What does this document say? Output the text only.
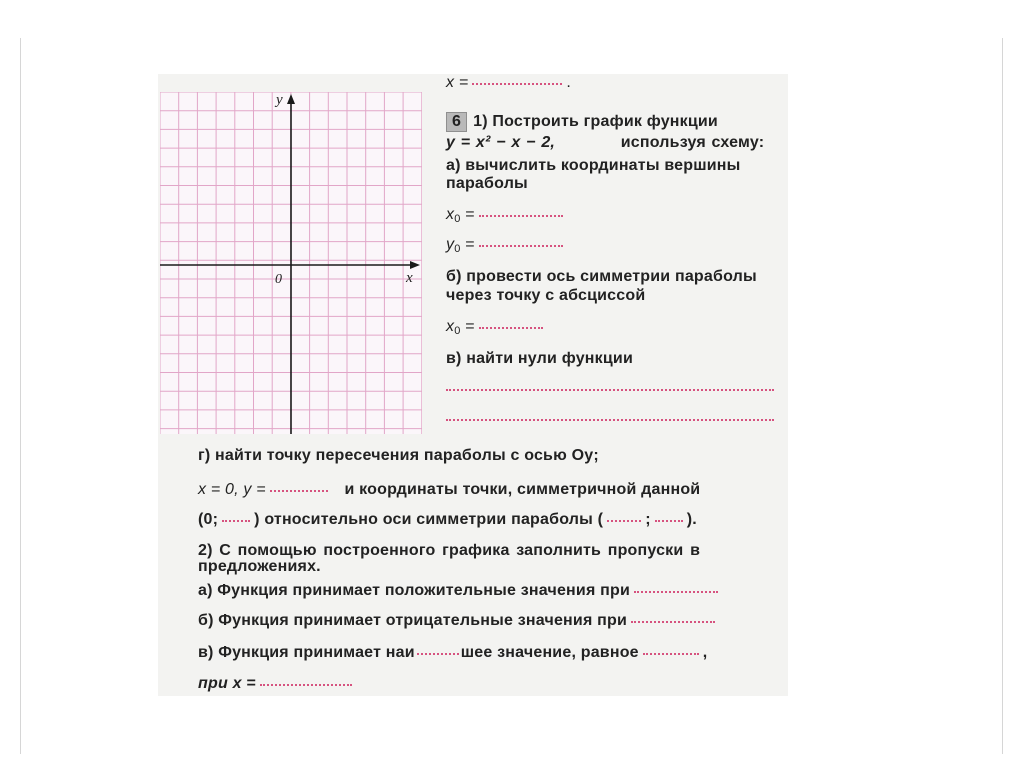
y
x
0
x =	.
6 1) Построить график функции
y = x² − x − 2,	используя схему:
а) вычислить координаты вершины
параболы
$x_0$ =
$y_0$ =
б) провести ось симметрии параболы
через точку с абсциссой
$x_0$ =
в) найти нули функции
г) найти точку пересечения параболы с осью Oy;
x = 0, y =	и координаты точки, симметричной данной
(0; ) относительно оси симметрии параболы (	; ).
2) С помощью построенного графика заполнить пропуски в
предложениях.
а) Функция принимает положительные значения при
б) Функция принимает отрицательные значения при
в) Функция принимает наи	шее значение, равное	,
при x =
